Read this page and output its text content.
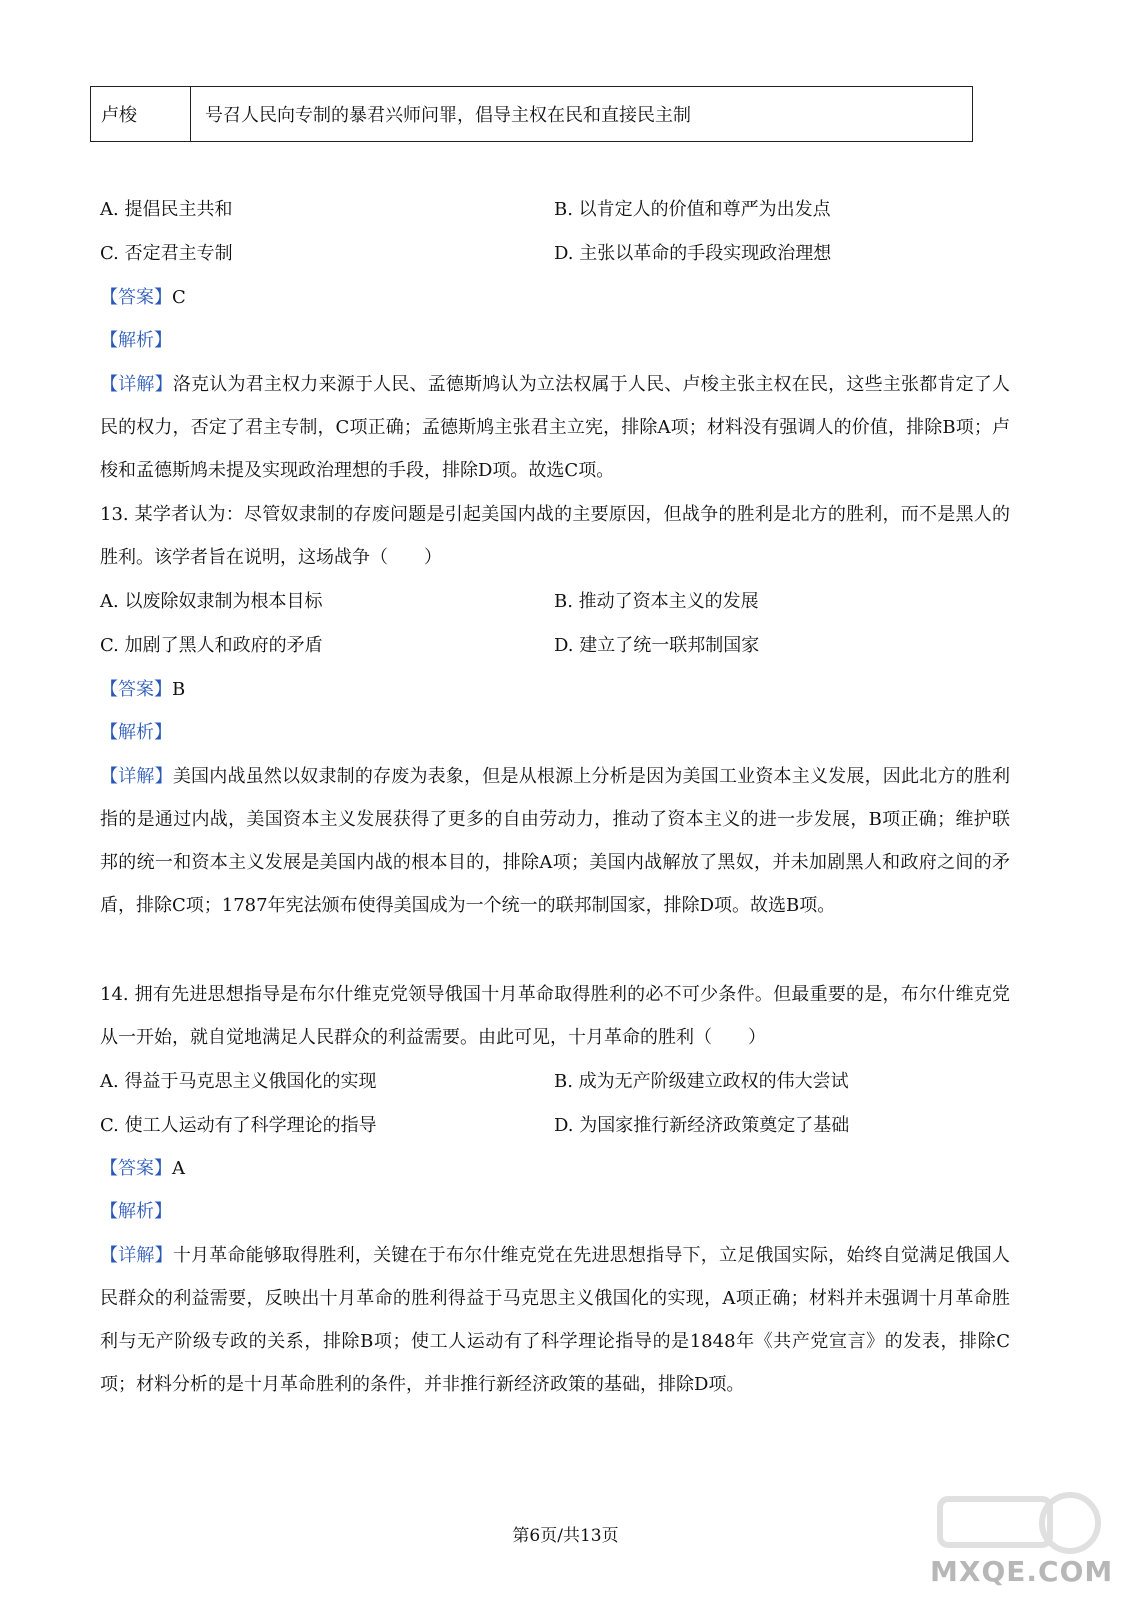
卢梭	号召人民向专制的暴君兴师问罪，倡导主权在民和直接民主制
A. 提倡民主共和	B. 以肯定人的价值和尊严为出发点
C. 否定君主专制	D. 主张以革命的手段实现政治理想
【答案】C
【解析】
【详解】洛克认为君主权力来源于人民、孟德斯鸠认为立法权属于人民、卢梭主张主权在民，这些主张都肯定了人民的权力，否定了君主专制，C项正确；孟德斯鸠主张君主立宪，排除A项；材料没有强调人的价值，排除B项；卢梭和孟德斯鸠未提及实现政治理想的手段，排除D项。故选C项。
13. 某学者认为：尽管奴隶制的存废问题是引起美国内战的主要原因，但战争的胜利是北方的胜利，而不是黑人的胜利。该学者旨在说明，这场战争（　　）
A. 以废除奴隶制为根本目标	B. 推动了资本主义的发展
C. 加剧了黑人和政府的矛盾	D. 建立了统一联邦制国家
【答案】B
【解析】
【详解】美国内战虽然以奴隶制的存废为表象，但是从根源上分析是因为美国工业资本主义发展，因此北方的胜利指的是通过内战，美国资本主义发展获得了更多的自由劳动力，推动了资本主义的进一步发展，B项正确；维护联邦的统一和资本主义发展是美国内战的根本目的，排除A项；美国内战解放了黑奴，并未加剧黑人和政府之间的矛盾，排除C项；1787年宪法颁布使得美国成为一个统一的联邦制国家，排除D项。故选B项。
14. 拥有先进思想指导是布尔什维克党领导俄国十月革命取得胜利的必不可少条件。但最重要的是，布尔什维克党从一开始，就自觉地满足人民群众的利益需要。由此可见，十月革命的胜利（　　）
A. 得益于马克思主义俄国化的实现	B. 成为无产阶级建立政权的伟大尝试
C. 使工人运动有了科学理论的指导	D. 为国家推行新经济政策奠定了基础
【答案】A
【解析】
【详解】十月革命能够取得胜利，关键在于布尔什维克党在先进思想指导下，立足俄国实际，始终自觉满足俄国人民群众的利益需要，反映出十月革命的胜利得益于马克思主义俄国化的实现，A项正确；材料并未强调十月革命胜利与无产阶级专政的关系，排除B项；使工人运动有了科学理论指导的是1848年《共产党宣言》的发表，排除C项；材料分析的是十月革命胜利的条件，并非推行新经济政策的基础，排除D项。
第6页/共13页
MXQE.COM
